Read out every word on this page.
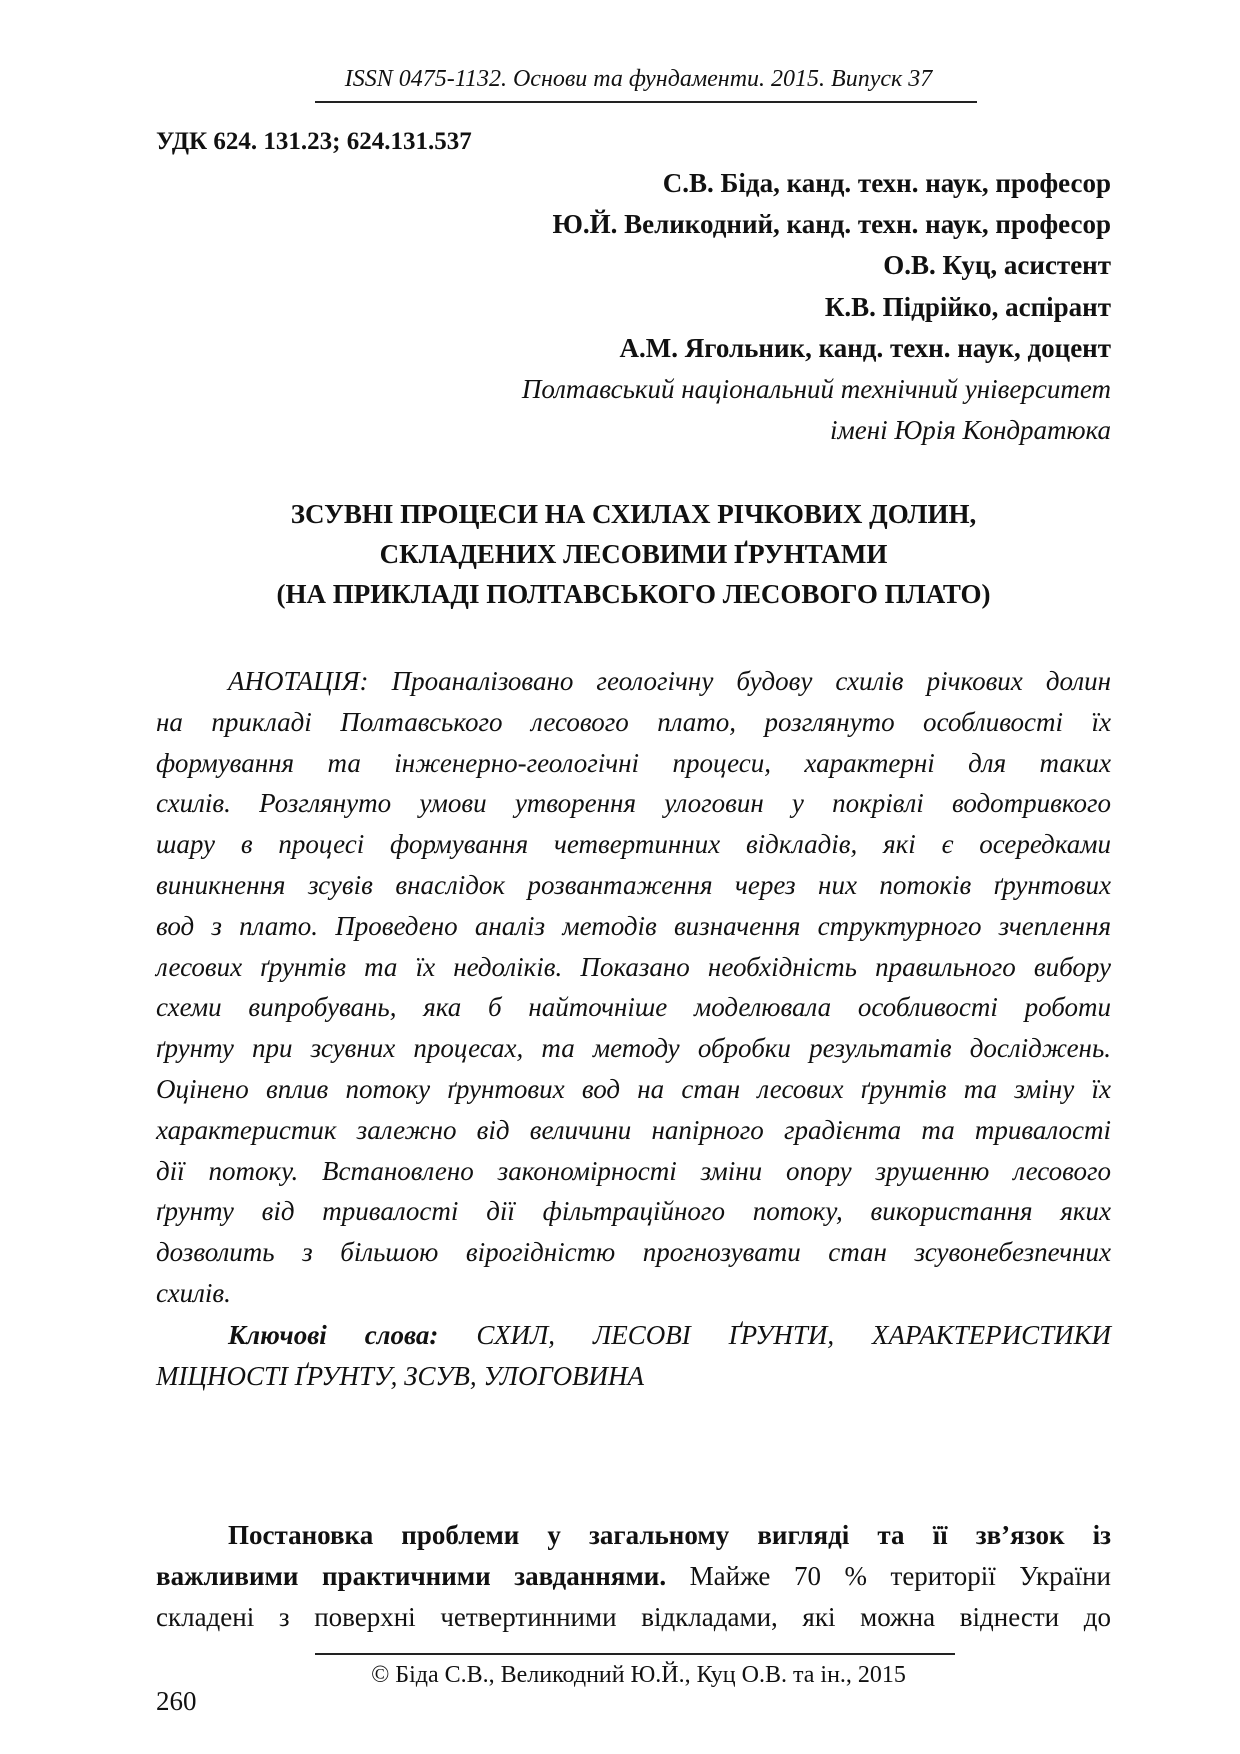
ISSN 0475-1132. Основи та фундаменти. 2015. Випуск 37
УДК 624. 131.23; 624.131.537
С.В. Біда, канд. техн. наук, професор
Ю.Й. Великодний, канд. техн. наук, професор
О.В. Куц, асистент
К.В. Підрійко, аспірант
А.М. Ягольник, канд. техн. наук, доцент
Полтавський національний технічний університет
імені Юрія Кондратюка
ЗСУВНІ ПРОЦЕСИ НА СХИЛАХ РІЧКОВИХ ДОЛИН,
СКЛАДЕНИХ ЛЕСОВИМИ ҐРУНТАМИ
(НА ПРИКЛАДІ ПОЛТАВСЬКОГО ЛЕСОВОГО ПЛАТО)
АНОТАЦІЯ: Проаналізовано геологічну будову схилів річкових долин
на прикладі Полтавського лесового плато, розглянуто особливості їх
формування та інженерно-геологічні процеси, характерні для таких
схилів. Розглянуто умови утворення улоговин у покрівлі водотривкого
шару в процесі формування четвертинних відкладів, які є осередками
виникнення зсувів внаслідок розвантаження через них потоків ґрунтових
вод з плато. Проведено аналіз методів визначення структурного зчеплення
лесових ґрунтів та їх недоліків. Показано необхідність правильного вибору
схеми випробувань, яка б найточніше моделювала особливості роботи
ґрунту при зсувних процесах, та методу обробки результатів досліджень.
Оцінено вплив потоку ґрунтових вод на стан лесових ґрунтів та зміну їх
характеристик залежно від величини напірного градієнта та тривалості
дії потоку. Встановлено закономірності зміни опору зрушенню лесового
ґрунту від тривалості дії фільтраційного потоку, використання яких
дозволить з більшою вірогідністю прогнозувати стан зсувонебезпечних
схилів.
Ключові слова: СХИЛ, ЛЕСОВІ ҐРУНТИ, ХАРАКТЕРИСТИКИ
МІЦНОСТІ ҐРУНТУ, ЗСУВ, УЛОГОВИНА
Постановка проблеми у загальному вигляді та її зв’язок із
важливими практичними завданнями. Майже 70 % території України
складені з поверхні четвертинними відкладами, які можна віднести до
© Біда С.В., Великодний Ю.Й., Куц О.В. та ін., 2015
260
